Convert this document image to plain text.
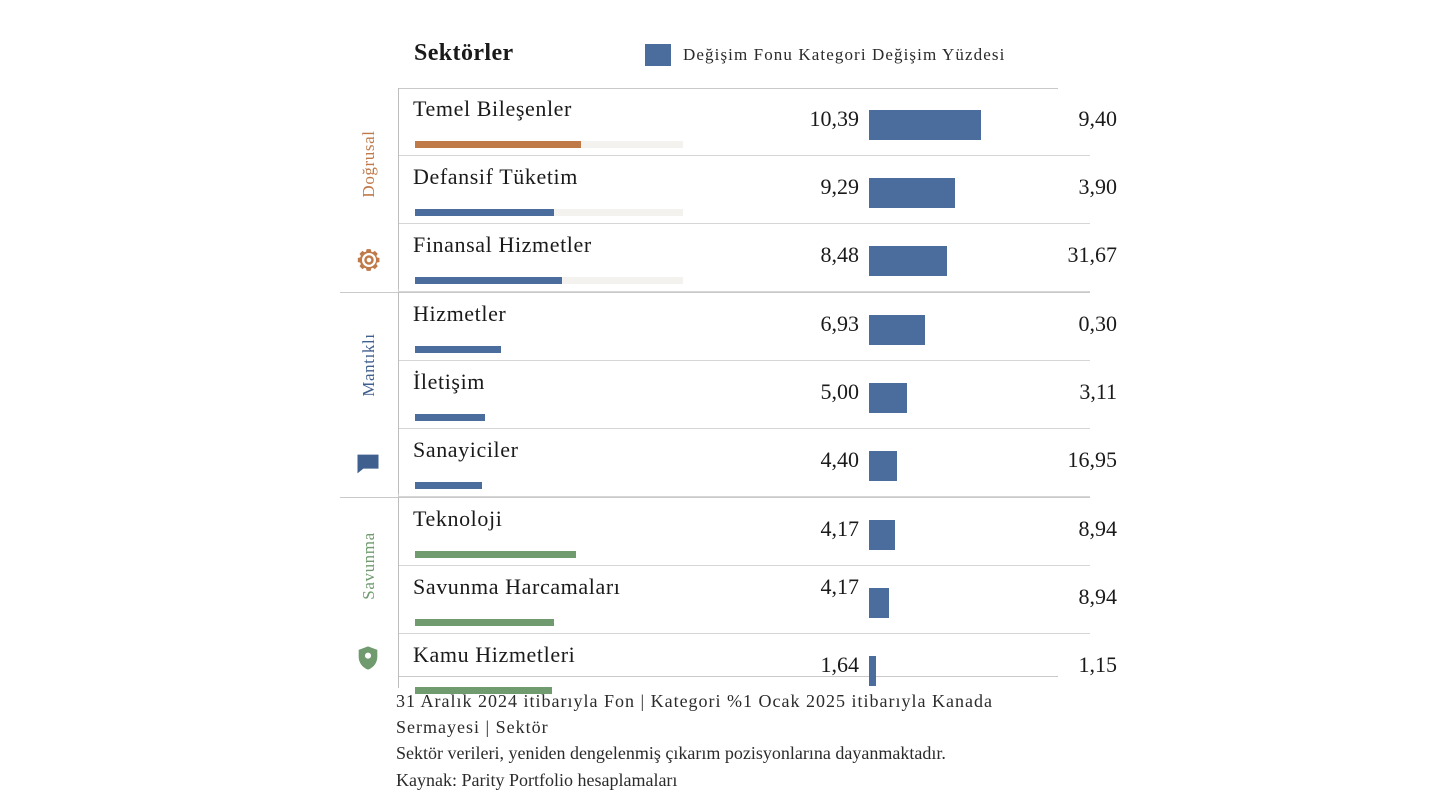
Sektörler	Değişim Fonu Kategori Değişim Yüzdesi
Doğrusal
Temel Bileşenler	10,39	9,40
Defansif Tüketim	9,29	3,90
Finansal Hizmetler	8,48	31,67
Mantıklı
Hizmetler	6,93	0,30
İletişim	5,00	3,11
Sanayiciler	4,40	16,95
Savunma
Teknoloji	4,17	8,94
Savunma Harcamaları	4,17	8,94
Kamu Hizmetleri	1,64	1,15
31 Aralık 2024 itibarıyla Fon | Kategori %1 Ocak 2025 itibarıyla Kanada Sermayesi | Sektör
Sektör verileri, yeniden dengelenmiş çıkarım pozisyonlarına dayanmaktadır.
Kaynak: Parity Portfolio hesaplamaları
